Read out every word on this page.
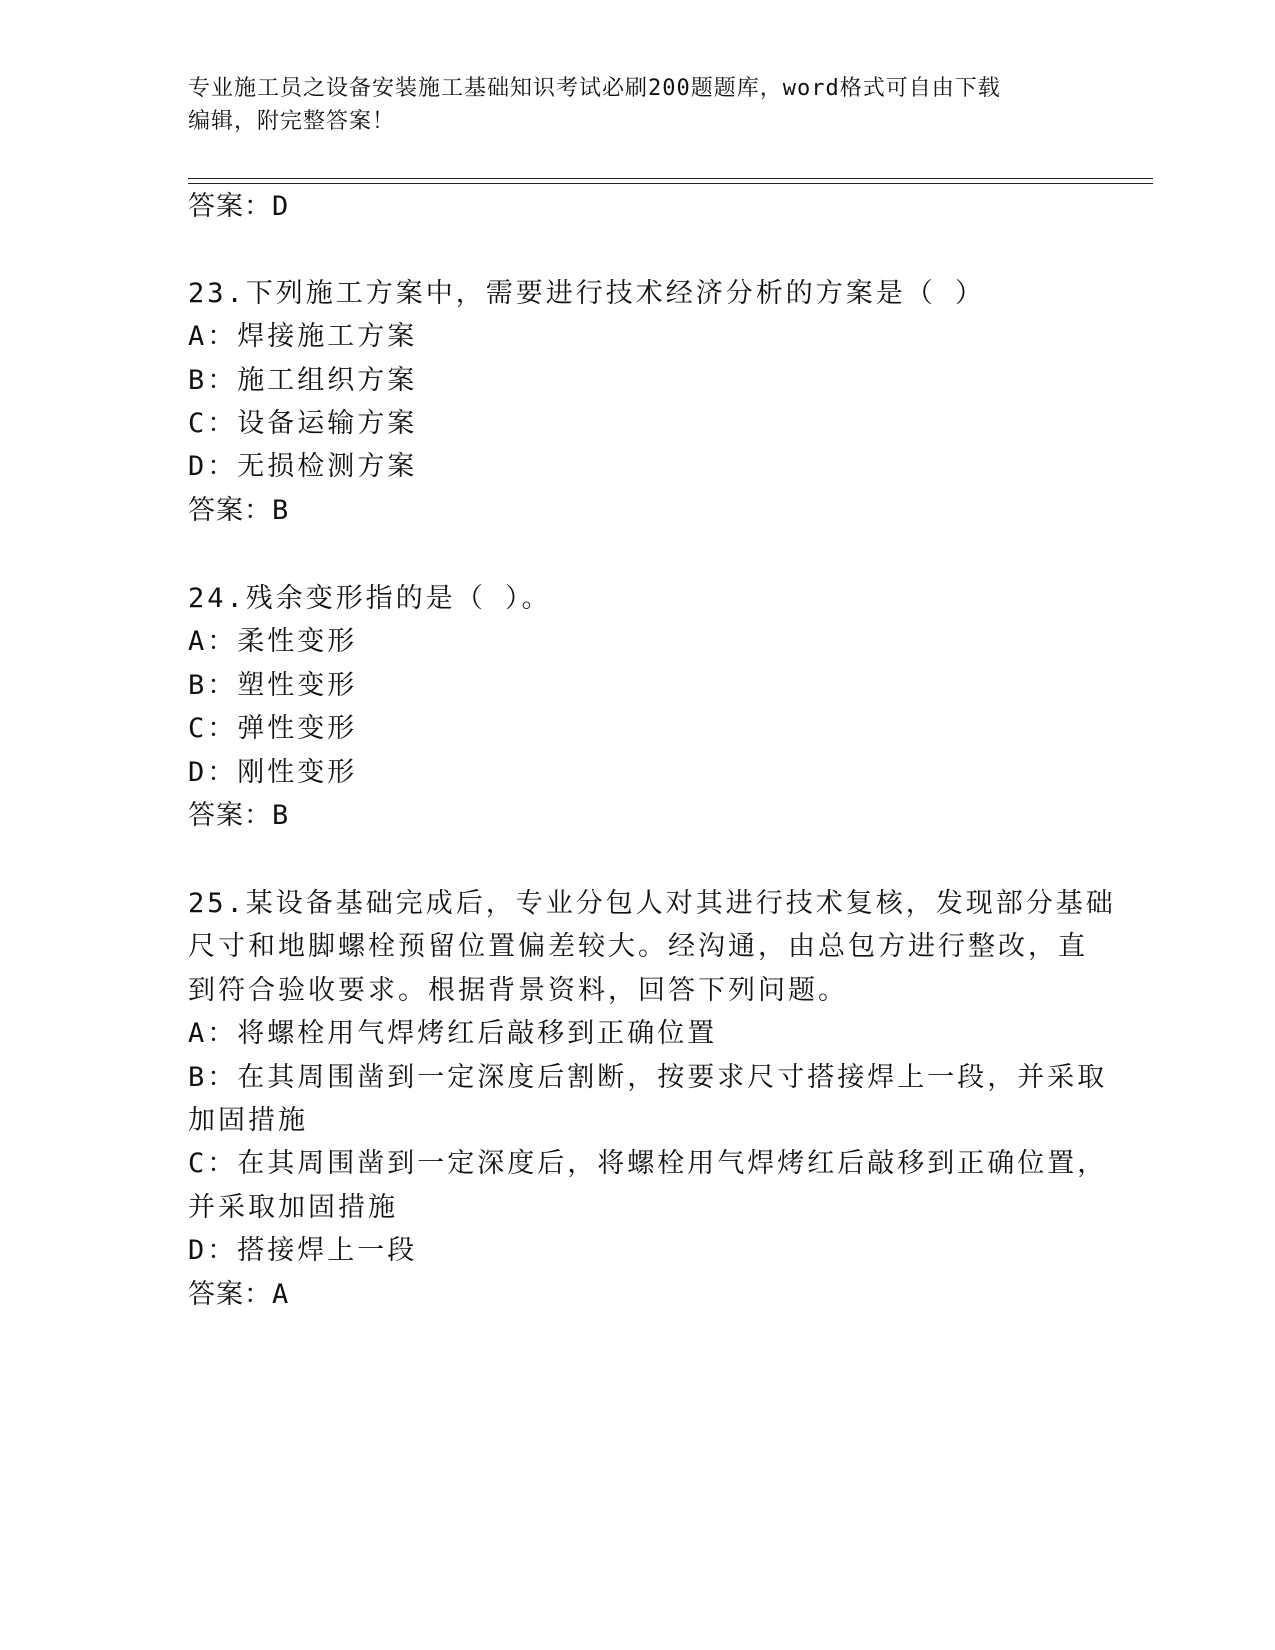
专业施工员之设备安装施工基础知识考试必刷200题题库，word格式可自由下载
编辑，附完整答案！
答案：D
23.下列施工方案中，需要进行技术经济分析的方案是（ ）
A：焊接施工方案
B：施工组织方案
C：设备运输方案
D：无损检测方案
答案：B
24.残余变形指的是（ ）。
A：柔性变形
B：塑性变形
C：弹性变形
D：刚性变形
答案：B
25.某设备基础完成后，专业分包人对其进行技术复核，发现部分基础
尺寸和地脚螺栓预留位置偏差较大。经沟通，由总包方进行整改，直
到符合验收要求。根据背景资料，回答下列问题。
A：将螺栓用气焊烤红后敲移到正确位置
B：在其周围凿到一定深度后割断，按要求尺寸搭接焊上一段，并采取
加固措施
C：在其周围凿到一定深度后，将螺栓用气焊烤红后敲移到正确位置，
并采取加固措施
D：搭接焊上一段
答案：A
